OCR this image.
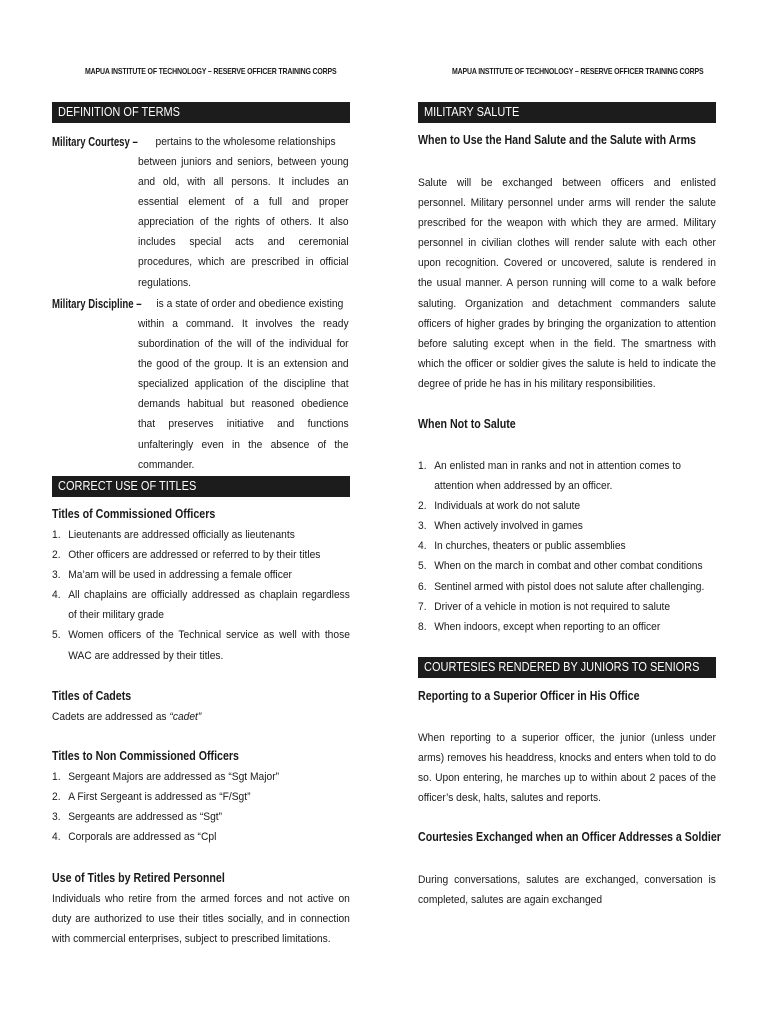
MAPUA INSTITUTE OF TECHNOLOGY – RESERVE OFFICER TRAINING CORPS	MAPUA INSTITUTE OF TECHNOLOGY – RESERVE OFFICER TRAINING CORPS
DEFINITION OF TERMS
Military Courtesy – pertains to the wholesome relationships
between juniors and seniors, between young and old, with all persons. It includes an essential element of a full and proper appreciation of the rights of others. It also includes special acts and ceremonial procedures, which are prescribed in official regulations.
Military Discipline – is a state of order and obedience existing
within a command. It involves the ready subordination of the will of the individual for the good of the group. It is an extension and specialized application of the discipline that demands habitual but reasoned obedience that preserves initiative and functions unfalteringly even in the absence of the commander.
CORRECT USE OF TITLES
Titles of Commissioned Officers
1. Lieutenants are addressed officially as lieutenants
2. Other officers are addressed or referred to by their titles
3. Ma’am will be used in addressing a female officer
4. All chaplains are officially addressed as chaplain regardless of their military grade
5. Women officers of the Technical service as well with those WAC are addressed by their titles.
Titles of Cadets
Cadets are addressed as “cadet”
Titles to Non Commissioned Officers
1. Sergeant Majors are addressed as “Sgt Major”
2. A First Sergeant is addressed as “F/Sgt”
3. Sergeants are addressed as “Sgt”
4. Corporals are addressed as “Cpl
Use of Titles by Retired Personnel
Individuals who retire from the armed forces and not active on duty are authorized to use their titles socially, and in connection with commercial enterprises, subject to prescribed limitations.
MILITARY SALUTE
When to Use the Hand Salute and the Salute with Arms
Salute will be exchanged between officers and enlisted personnel. Military personnel under arms will render the salute prescribed for the weapon with which they are armed. Military personnel in civilian clothes will render salute with each other upon recognition. Covered or uncovered, salute is rendered in the usual manner. A person running will come to a walk before saluting. Organization and detachment commanders salute officers of higher grades by bringing the organization to attention before saluting except when in the field. The smartness with which the officer or soldier gives the salute is held to indicate the degree of pride he has in his military responsibilities.
When Not to Salute
1. An enlisted man in ranks and not in attention comes to attention when addressed by an officer.
2. Individuals at work do not salute
3. When actively involved in games
4. In churches, theaters or public assemblies
5. When on the march in combat and other combat conditions
6. Sentinel armed with pistol does not salute after challenging.
7. Driver of a vehicle in motion is not required to salute
8. When indoors, except when reporting to an officer
COURTESIES RENDERED BY JUNIORS TO SENIORS
Reporting to a Superior Officer in His Office
When reporting to a superior officer, the junior (unless under arms) removes his headdress, knocks and enters when told to do so. Upon entering, he marches up to within about 2 paces of the officer’s desk, halts, salutes and reports.
Courtesies Exchanged when an Officer Addresses a Soldier
During conversations, salutes are exchanged, conversation is completed, salutes are again exchanged
